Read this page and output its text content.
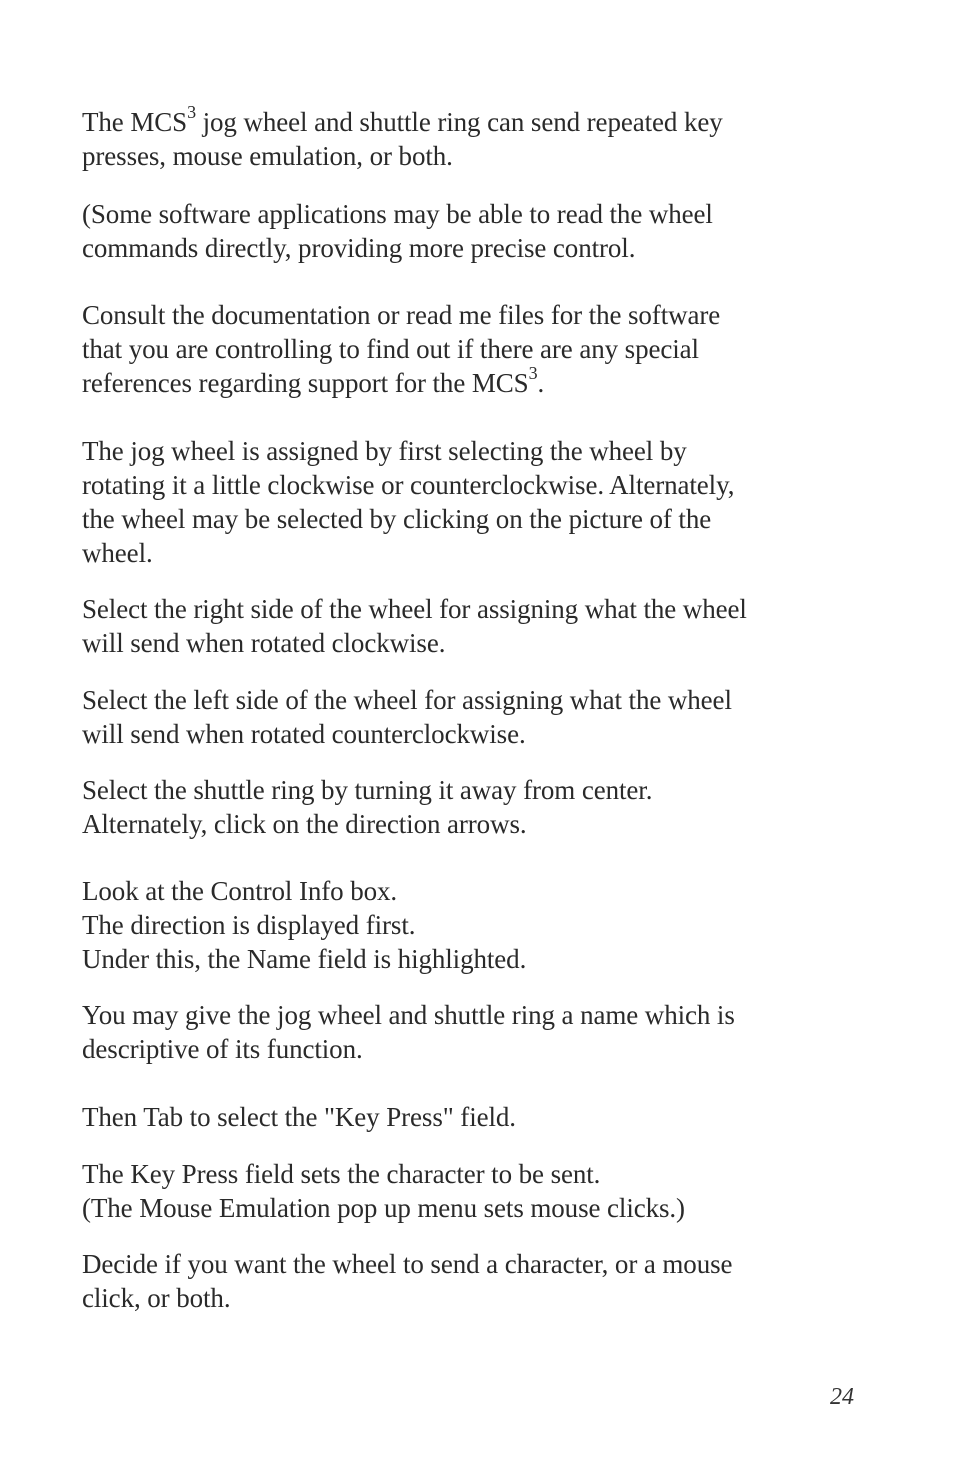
The MCS$^3$ jog wheel and shuttle ring can send repeated key
presses, mouse emulation, or both.

(Some software applications may be able to read the wheel
commands directly, providing more precise control.

Consult the documentation or read me files for the software
that you are controlling to find out if there are any special
references regarding support for the MCS$^3$.

The jog wheel is assigned by first selecting the wheel by
rotating it a little clockwise or counterclockwise. Alternately,
the wheel may be selected by clicking on the picture of the
wheel.

Select the right side of the wheel for assigning what the wheel
will send when rotated clockwise.

Select the left side of the wheel for assigning what the wheel
will send when rotated counterclockwise.

Select the shuttle ring by turning it away from center.
Alternately, click on the direction arrows.

Look at the Control Info box.
The direction is displayed first.
Under this, the Name field is highlighted.

You may give the jog wheel and shuttle ring a name which is
descriptive of its function.

Then Tab to select the "Key Press" field.

The Key Press field sets the character to be sent.
(The Mouse Emulation pop up menu sets mouse clicks.)

Decide if you want the wheel to send a character, or a mouse
click, or both.

24
